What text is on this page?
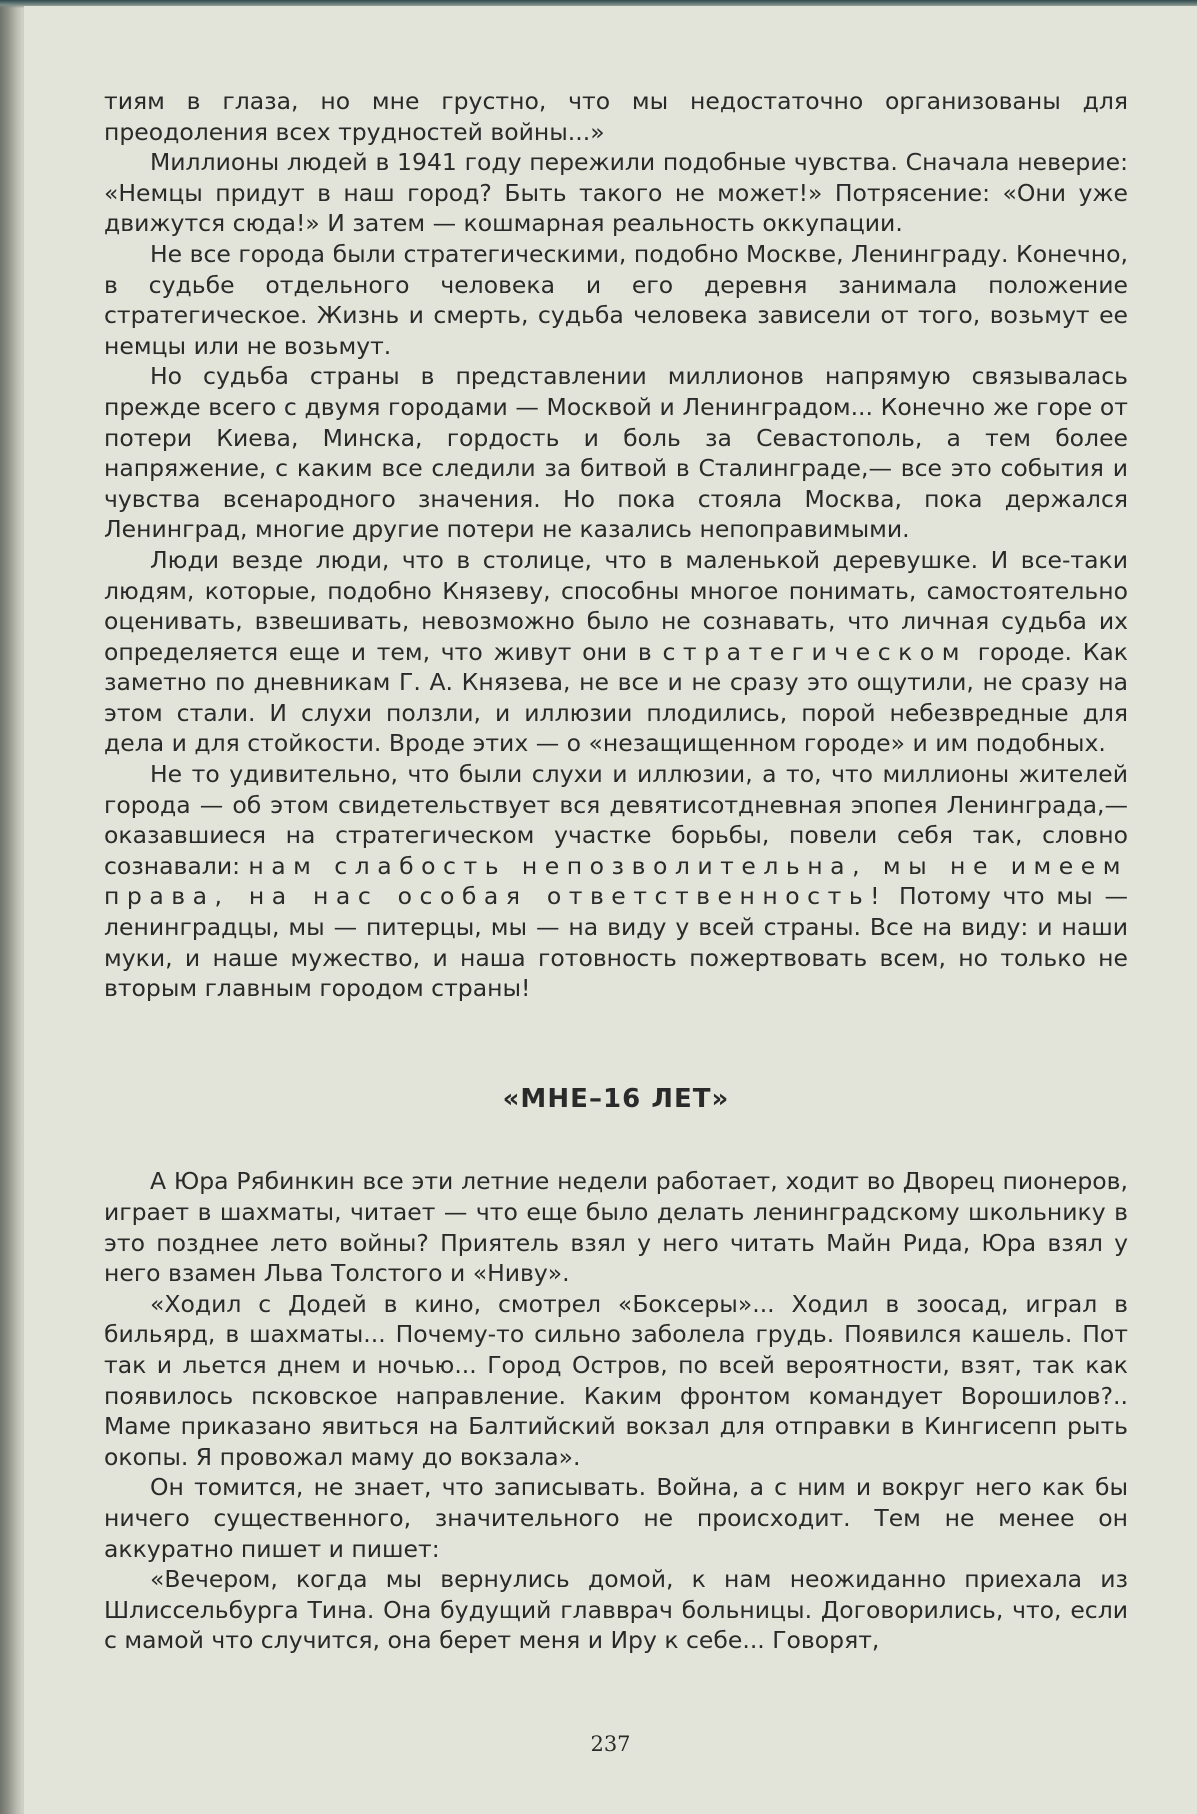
тиям в глаза, но мне грустно, что мы недостаточно организованы для преодоления всех трудностей войны...»

Миллионы людей в 1941 году пережили подобные чувства. Сначала неверие: «Немцы придут в наш город? Быть такого не может!» Потрясение: «Они уже движутся сюда!» И затем — кошмарная реальность оккупации.

Не все города были стратегическими, подобно Москве, Ленинграду. Конечно, в судьбе отдельного человека и его деревня занимала положение стратегическое. Жизнь и смерть, судьба человека зависели от того, возьмут ее немцы или не возьмут.

Но судьба страны в представлении миллионов напрямую связывалась прежде всего с двумя городами — Москвой и Ленинградом... Конечно же горе от потери Киева, Минска, гордость и боль за Севастополь, а тем более напряжение, с каким все следили за битвой в Сталинграде,— все это события и чувства всенародного значения. Но пока стояла Москва, пока держался Ленинград, многие другие потери не казались непоправимыми.

Люди везде люди, что в столице, что в маленькой деревушке. И все-таки людям, которые, подобно Князеву, способны многое понимать, самостоятельно оценивать, взвешивать, невозможно было не сознавать, что личная судьба их определяется еще и тем, что живут они в стратегическом городе. Как заметно по дневникам Г. А. Князева, не все и не сразу это ощутили, не сразу на этом стали. И слухи ползли, и иллюзии плодились, порой небезвредные для дела и для стойкости. Вроде этих — о «незащищенном городе» и им подобных.

Не то удивительно, что были слухи и иллюзии, а то, что миллионы жителей города — об этом свидетельствует вся девятисотдневная эпопея Ленинграда,— оказавшиеся на стратегическом участке борьбы, повели себя так, словно сознавали: нам слабость непозволительна, мы не имеем права, на нас особая ответственность! Потому что мы — ленинградцы, мы — питерцы, мы — на виду у всей страны. Все на виду: и наши муки, и наше мужество, и наша готовность пожертвовать всем, но только не вторым главным городом страны!

«МНЕ–16 ЛЕТ»

А Юра Рябинкин все эти летние недели работает, ходит во Дворец пионеров, играет в шахматы, читает — что еще было делать ленинградскому школьнику в это позднее лето войны? Приятель взял у него читать Майн Рида, Юра взял у него взамен Льва Толстого и «Ниву».

«Ходил с Додей в кино, смотрел «Боксеры»... Ходил в зоосад, играл в бильярд, в шахматы... Почему-то сильно заболела грудь. Появился кашель. Пот так и льется днем и ночью... Город Остров, по всей вероятности, взят, так как появилось псковское направление. Каким фронтом командует Ворошилов?.. Маме приказано явиться на Балтийский вокзал для отправки в Кингисепп рыть окопы. Я провожал маму до вокзала».

Он томится, не знает, что записывать. Война, а с ним и вокруг него как бы ничего существенного, значительного не происходит. Тем не менее он аккуратно пишет и пишет:

«Вечером, когда мы вернулись домой, к нам неожиданно приехала из Шлиссельбурга Тина. Она будущий главврач больницы. Договорились, что, если с мамой что случится, она берет меня и Иру к себе... Говорят,

237
